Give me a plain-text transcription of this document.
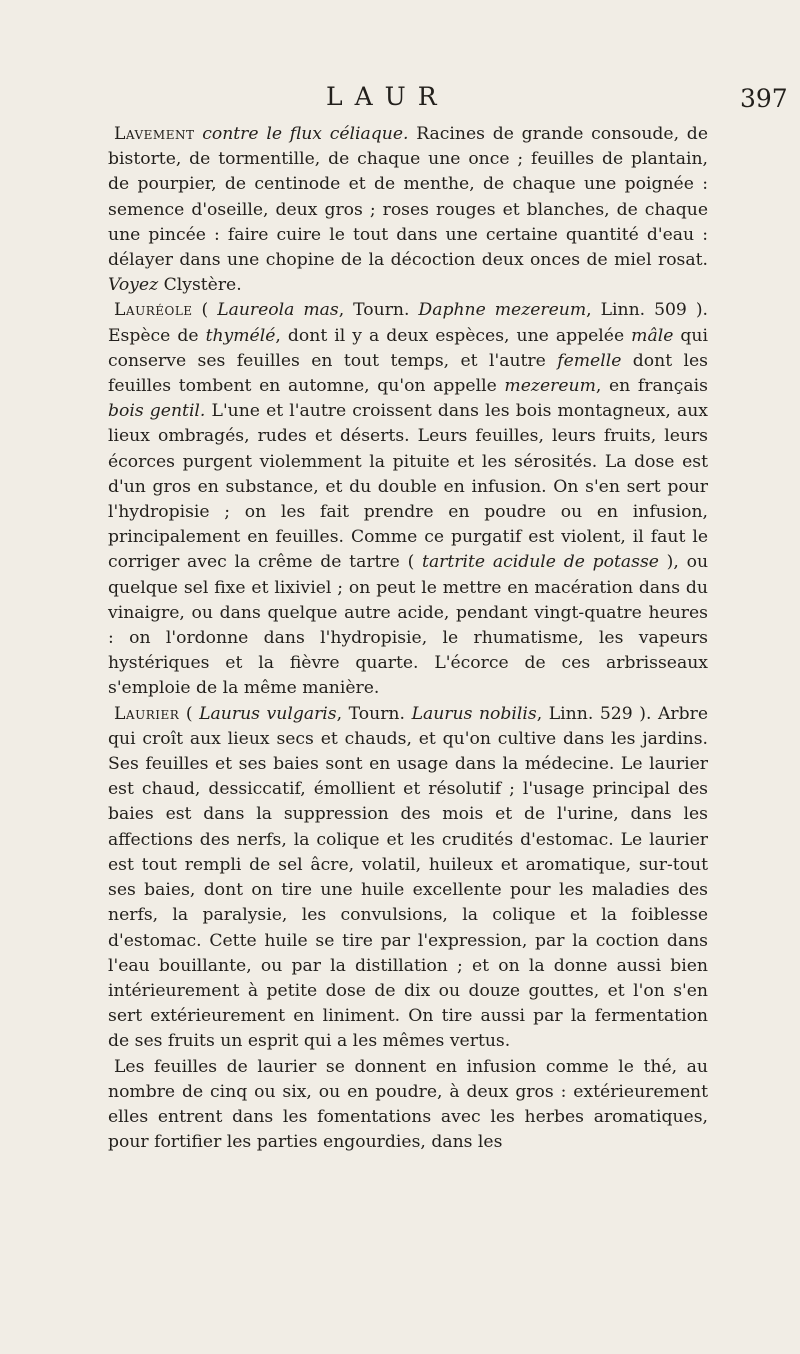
LAUR	397

Lavement contre le flux céliaque. Racines de grande consoude, de bistorte, de tormentille, de chaque une once ; feuilles de plantain, de pourpier, de centinode et de menthe, de chaque une poignée : semence d'oseille, deux gros ; roses rouges et blanches, de chaque une pincée : faire cuire le tout dans une certaine quantité d'eau : délayer dans une chopine de la décoction deux onces de miel rosat. Voyez Clystère.

Lauréole ( Laureola mas, Tourn. Daphne mezereum, Linn. 509 ). Espèce de thymélé, dont il y a deux espèces, une appelée mâle qui conserve ses feuilles en tout temps, et l'autre femelle dont les feuilles tombent en automne, qu'on appelle mezereum, en français bois gentil. L'une et l'autre croissent dans les bois montagneux, aux lieux ombragés, rudes et déserts. Leurs feuilles, leurs fruits, leurs écorces purgent violemment la pituite et les sérosités. La dose est d'un gros en substance, et du double en infusion. On s'en sert pour l'hydropisie ; on les fait prendre en poudre ou en infusion, principalement en feuilles. Comme ce purgatif est violent, il faut le corriger avec la crême de tartre ( tartrite acidule de potasse ), ou quelque sel fixe et lixiviel ; on peut le mettre en macération dans du vinaigre, ou dans quelque autre acide, pendant vingt-quatre heures : on l'ordonne dans l'hydropisie, le rhumatisme, les vapeurs hystériques et la fièvre quarte. L'écorce de ces arbrisseaux s'emploie de la même manière.

Laurier ( Laurus vulgaris, Tourn. Laurus nobilis, Linn. 529 ). Arbre qui croît aux lieux secs et chauds, et qu'on cultive dans les jardins. Ses feuilles et ses baies sont en usage dans la médecine. Le laurier est chaud, dessiccatif, émollient et résolutif ; l'usage principal des baies est dans la suppression des mois et de l'urine, dans les affections des nerfs, la colique et les crudités d'estomac. Le laurier est tout rempli de sel âcre, volatil, huileux et aromatique, sur-tout ses baies, dont on tire une huile excellente pour les maladies des nerfs, la paralysie, les convulsions, la colique et la foiblesse d'estomac. Cette huile se tire par l'expression, par la coction dans l'eau bouillante, ou par la distillation ; et on la donne aussi bien intérieurement à petite dose de dix ou douze gouttes, et l'on s'en sert extérieurement en liniment. On tire aussi par la fermentation de ses fruits un esprit qui a les mêmes vertus.

Les feuilles de laurier se donnent en infusion comme le thé, au nombre de cinq ou six, ou en poudre, à deux gros : extérieurement elles entrent dans les fomentations avec les herbes aromatiques, pour fortifier les parties engourdies, dans les
